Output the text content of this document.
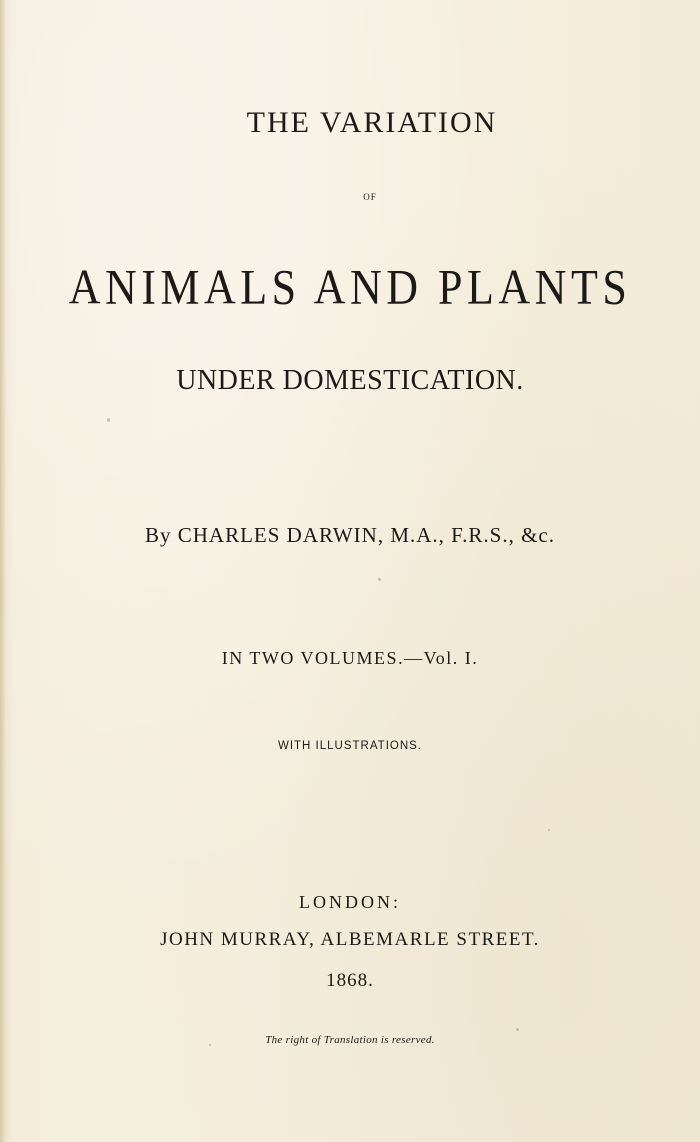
THE VARIATION
OF
ANIMALS AND PLANTS
UNDER DOMESTICATION.
By CHARLES DARWIN, M.A., F.R.S., &c.
IN TWO VOLUMES.—Vol. I.
WITH ILLUSTRATIONS.
LONDON:
JOHN MURRAY, ALBEMARLE STREET.
1868.
The right of Translation is reserved.
